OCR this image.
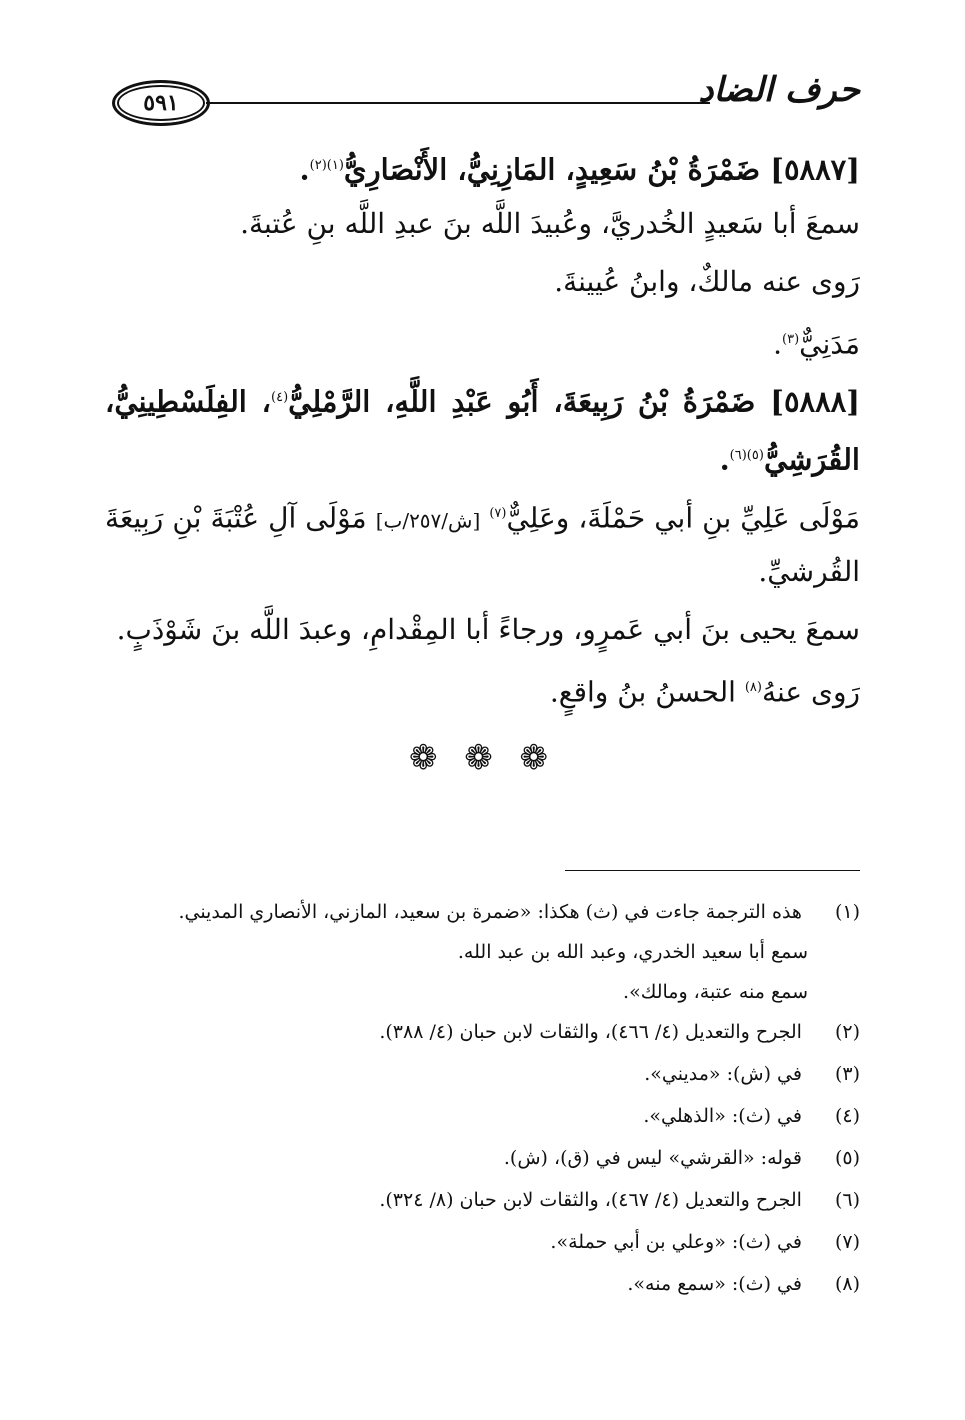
٥٩١	حرف الضاد
[٥٨٨٧] ضَمْرَةُ بْنُ سَعِيدٍ، المَازِنِيُّ، الأَنْصَارِيُّ$^{(١)(٢)}$.
سمعَ أبا سَعيدٍ الخُدريَّ، وعُبيدَ اللَّه بنَ عبدِ اللَّه بنِ عُتبةَ.
رَوى عنه مالكٌ، وابنُ عُيينةَ.
مَدَنِيٌّ$^{(٣)}$.
[٥٨٨٨] ضَمْرَةُ بْنُ رَبِيعَةَ، أَبُو عَبْدِ اللَّهِ، الرَّمْلِيُّ$^{(٤)}$، الفِلَسْطِينِيُّ،
القُرَشِيُّ$^{(٥)(٦)}$.
مَوْلَى عَلِيِّ بنِ أبي حَمْلَةَ، وعَلِيٌّ$^{(٧)}$ [ش/٢٥٧/ب] مَوْلَى آلِ عُتْبَةَ بْنِ رَبِيعَةَ
القُرشيِّ.
سمعَ يحيى بنَ أبي عَمرٍو، ورجاءً أبا المِقْدامِ، وعبدَ اللَّه بنَ شَوْذَبٍ.
رَوى عنهُ$^{(٨)}$ الحسنُ بنُ واقعٍ.
❁ ❁ ❁
(١) هذه الترجمة جاءت في (ث) هكذا: «ضمرة بن سعيد، المازني، الأنصاري المديني.
سمع أبا سعيد الخدري، وعبد الله بن عبد الله.
سمع منه عتبة، ومالك».
(٢) الجرح والتعديل (٤/ ٤٦٦)، والثقات لابن حبان (٤/ ٣٨٨).
(٣) في (ش): «مديني».
(٤) في (ث): «الذهلي».
(٥) قوله: «القرشي» ليس في (ق)، (ش).
(٦) الجرح والتعديل (٤/ ٤٦٧)، والثقات لابن حبان (٨/ ٣٢٤).
(٧) في (ث): «وعلي بن أبي حملة».
(٨) في (ث): «سمع منه».
